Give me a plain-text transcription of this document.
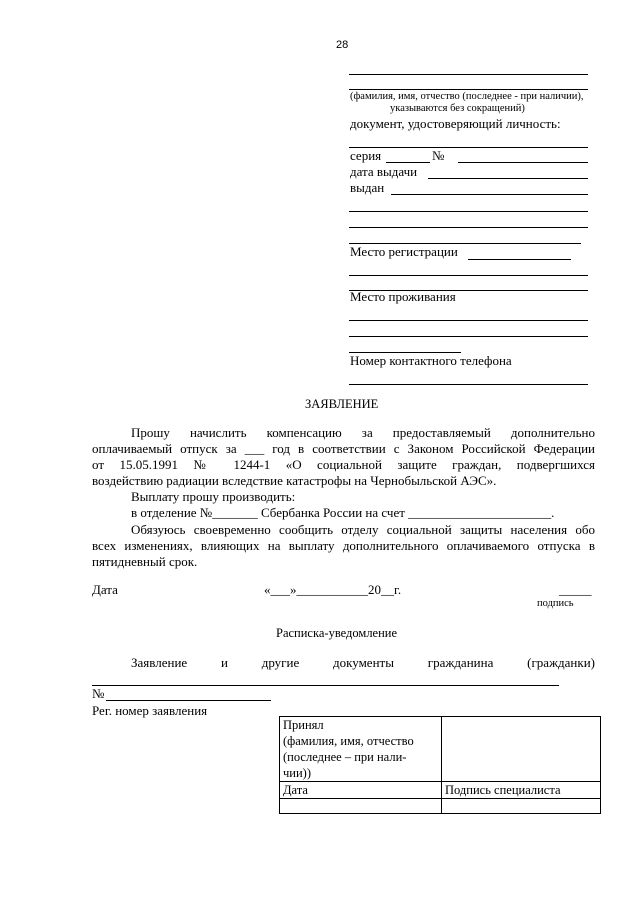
28
(фамилия, имя, отчество (последнее - при наличии),
указываются без сокращений)
документ, удостоверяющий личность:
серия	№
дата выдачи
выдан
Место регистрации
Место проживания
Номер контактного телефона
ЗАЯВЛЕНИЕ
Прошу начислить компенсацию за предоставляемый дополнительно
оплачиваемый отпуск за ___ год в соответствии с Законом Российской Федерации
от 15.05.1991 № 1244-1 «О социальной защите граждан, подвергшихся
воздействию радиации вследствие катастрофы на Чернобыльской АЭС».
Выплату прошу производить:
в отделение №_______ Сбербанка России на счет ______________________.
Обязуюсь своевременно сообщить отделу социальной защиты населения обо
всех изменениях, влияющих на выплату дополнительного оплачиваемого отпуска в
пятидневный срок.
Дата	«___»___________20__г.	_____
подпись
Расписка-уведомление
Заявление и другие документы гражданина (гражданки)
№
Рег. номер заявления
Принял
(фамилия, имя, отчество
(последнее – при нали-
чии))	

Дата	Подпись специалиста
